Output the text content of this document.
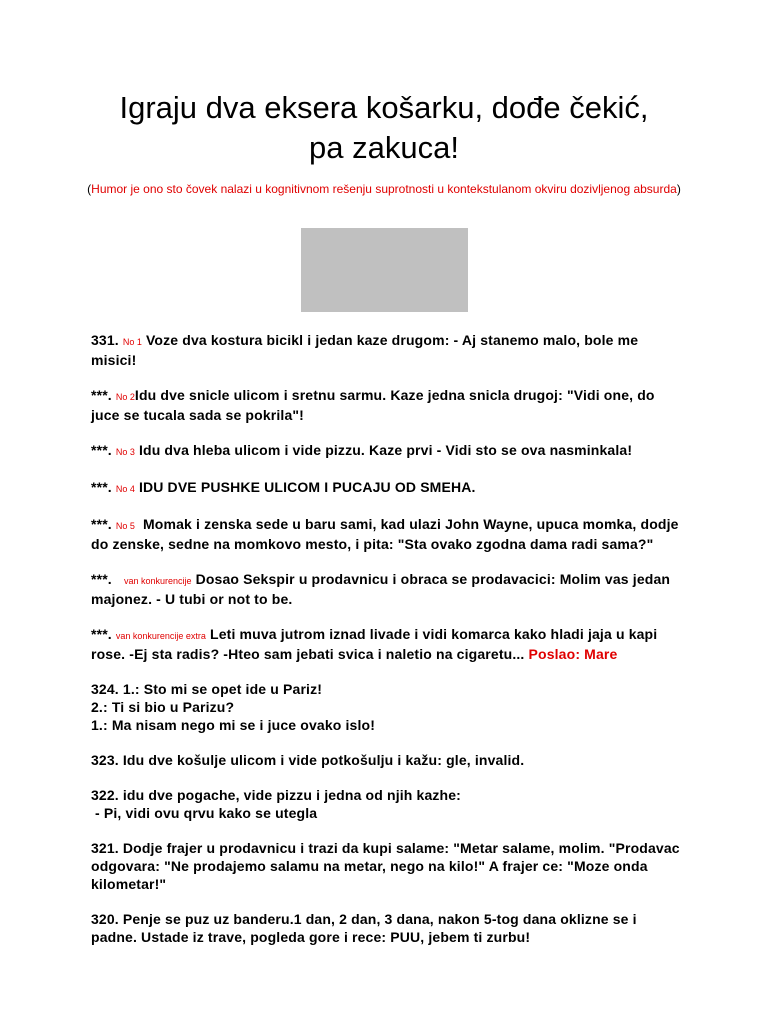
Igraju dva eksera košarku, dođe čekić,
pa zakuca!

(Humor je ono sto čovek nalazi u kognitivnom rešenju suprotnosti u kontekstulanom okviru dozivljenog absurda)

331. No 1 Voze dva kostura bicikl i jedan kaze drugom: - Aj stanemo malo, bole me misici!

***. No 2Idu dve snicle ulicom i sretnu sarmu. Kaze jedna snicla drugoj: "Vidi one, do juce se tucala sada se pokrila"!

***. No 3 Idu dva hleba ulicom i vide pizzu. Kaze prvi - Vidi sto se ova nasminkala!

***. No 4 IDU DVE PUSHKE ULICOM I PUCAJU OD SMEHA.

***. No 5 Momak i zenska sede u baru sami, kad ulazi John Wayne, upuca momka, dodje do zenske, sedne na momkovo mesto, i pita: "Sta ovako zgodna dama radi sama?"

***. van konkurencije Dosao Sekspir u prodavnicu i obraca se prodavacici: Molim vas jedan majonez. - U tubi or not to be.

***. van konkurencije extra Leti muva jutrom iznad livade i vidi komarca kako hladi jaja u kapi rose. -Ej sta radis? -Hteo sam jebati svica i naletio na cigaretu... Poslao: Mare

324. 1.: Sto mi se opet ide u Pariz!
2.: Ti si bio u Parizu?
1.: Ma nisam nego mi se i juce ovako islo!

323. Idu dve košulje ulicom i vide potkošulju i kažu: gle, invalid.

322. idu dve pogache, vide pizzu i jedna od njih kazhe:
- Pi, vidi ovu qrvu kako se utegla

321. Dodje frajer u prodavnicu i trazi da kupi salame: "Metar salame, molim. "Prodavac odgovara: "Ne prodajemo salamu na metar, nego na kilo!" A frajer ce: "Moze onda kilometar!"

320. Penje se puz uz banderu.1 dan, 2 dan, 3 dana, nakon 5-tog dana oklizne se i padne. Ustade iz trave, pogleda gore i rece: PUU, jebem ti zurbu!
